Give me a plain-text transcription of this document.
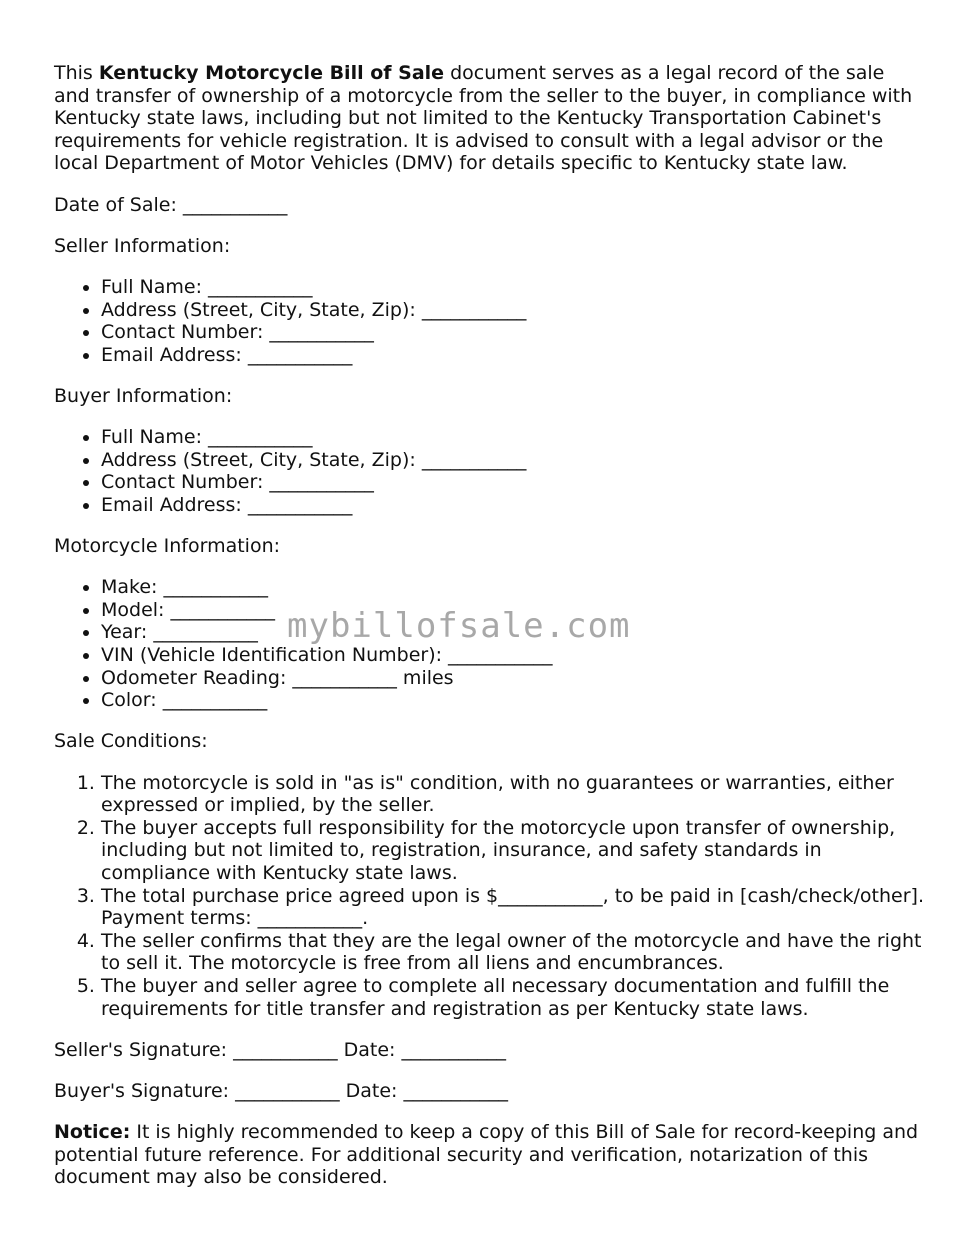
This Kentucky Motorcycle Bill of Sale document serves as a legal record of the sale and transfer of ownership of a motorcycle from the seller to the buyer, in compliance with Kentucky state laws, including but not limited to the Kentucky Transportation Cabinet's requirements for vehicle registration. It is advised to consult with a legal advisor or the local Department of Motor Vehicles (DMV) for details specific to Kentucky state law.

Date of Sale: ___________

Seller Information:

• Full Name: ___________
• Address (Street, City, State, Zip): ___________
• Contact Number: ___________
• Email Address: ___________

Buyer Information:

• Full Name: ___________
• Address (Street, City, State, Zip): ___________
• Contact Number: ___________
• Email Address: ___________

Motorcycle Information:

• Make: ___________
• Model: ___________
• Year: ___________
• VIN (Vehicle Identification Number): ___________
• Odometer Reading: ___________ miles
• Color: ___________

Sale Conditions:

1. The motorcycle is sold in "as is" condition, with no guarantees or warranties, either expressed or implied, by the seller.
2. The buyer accepts full responsibility for the motorcycle upon transfer of ownership, including but not limited to, registration, insurance, and safety standards in compliance with Kentucky state laws.
3. The total purchase price agreed upon is $___________, to be paid in [cash/check/other]. Payment terms: ___________.
4. The seller confirms that they are the legal owner of the motorcycle and have the right to sell it. The motorcycle is free from all liens and encumbrances.
5. The buyer and seller agree to complete all necessary documentation and fulfill the requirements for title transfer and registration as per Kentucky state laws.

Seller's Signature: ___________ Date: ___________

Buyer's Signature: ___________ Date: ___________

Notice: It is highly recommended to keep a copy of this Bill of Sale for record-keeping and potential future reference. For additional security and verification, notarization of this document may also be considered.

mybillofsale.com
